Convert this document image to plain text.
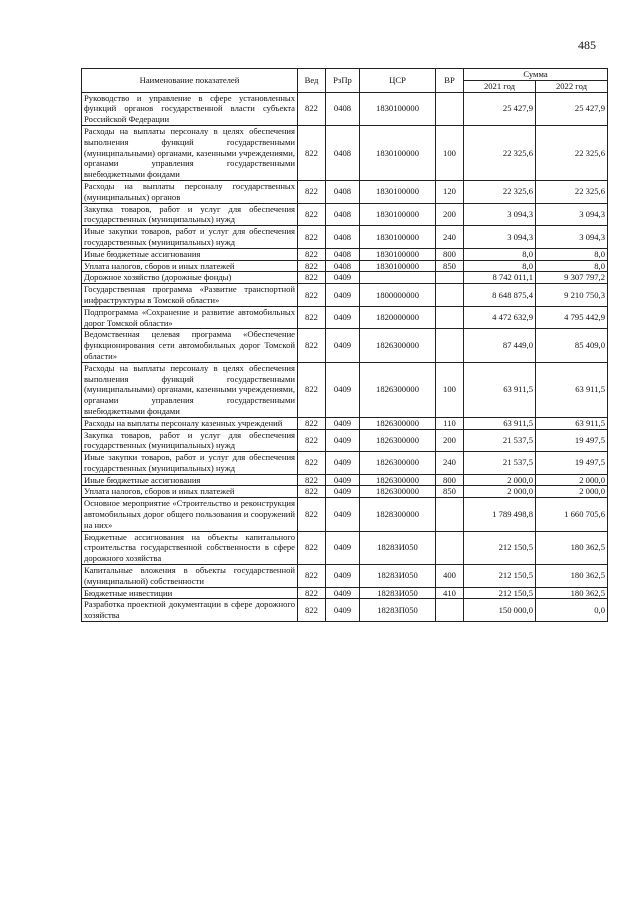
485
Наименование показателей	Вед	РзПр	ЦСР	ВР	Сумма	
					2021 год	2022 год
Руководство и управление в сфере установленных функций органов государственной власти субъекта Российской Федерации	822	0408	1830100000		25 427,9	25 427,9
Расходы на выплаты персоналу в целях обеспечения выполнения функций государственными (муниципальными) органами, казенными учреждениями, органами управления государственными внебюджетными фондами	822	0408	1830100000	100	22 325,6	22 325,6
Расходы на выплаты персоналу государственных (муниципальных) органов	822	0408	1830100000	120	22 325,6	22 325,6
Закупка товаров, работ и услуг для обеспечения государственных (муниципальных) нужд	822	0408	1830100000	200	3 094,3	3 094,3
Иные закупки товаров, работ и услуг для обеспечения государственных (муниципальных) нужд	822	0408	1830100000	240	3 094,3	3 094,3
Иные бюджетные ассигнования	822	0408	1830100000	800	8,0	8,0
Уплата налогов, сборов и иных платежей	822	0408	1830100000	850	8,0	8,0
Дорожное хозяйство (дорожные фонды)	822	0409			8 742 011,1	9 307 797,2
Государственная программа «Развитие транспортной инфраструктуры в Томской области»	822	0409	1800000000		8 648 875,4	9 210 750,3
Подпрограмма «Сохранение и развитие автомобильных дорог Томской области»	822	0409	1820000000		4 472 632,9	4 795 442,9
Ведомственная целевая программа «Обеспечение функционирования сети автомобильных дорог Томской области»	822	0409	1826300000		87 449,0	85 409,0
Расходы на выплаты персоналу в целях обеспечения выполнения функций государственными (муниципальными) органами, казенными учреждениями, органами управления государственными внебюджетными фондами	822	0409	1826300000	100	63 911,5	63 911,5
Расходы на выплаты персоналу казенных учреждений	822	0409	1826300000	110	63 911,5	63 911,5
Закупка товаров, работ и услуг для обеспечения государственных (муниципальных) нужд	822	0409	1826300000	200	21 537,5	19 497,5
Иные закупки товаров, работ и услуг для обеспечения государственных (муниципальных) нужд	822	0409	1826300000	240	21 537,5	19 497,5
Иные бюджетные ассигнования	822	0409	1826300000	800	2 000,0	2 000,0
Уплата налогов, сборов и иных платежей	822	0409	1826300000	850	2 000,0	2 000,0
Основное мероприятие «Строительство и реконструкция автомобильных дорог общего пользования и сооружений на них»	822	0409	1828300000		1 789 498,8	1 660 705,6
Бюджетные ассигнования на объекты капитального строительства государственной собственности в сфере дорожного хозяйства	822	0409	18283И050		212 150,5	180 362,5
Капитальные вложения в объекты государственной (муниципальной) собственности	822	0409	18283И050	400	212 150,5	180 362,5
Бюджетные инвестиции	822	0409	18283И050	410	212 150,5	180 362,5
Разработка проектной документации в сфере дорожного хозяйства	822	0409	18283П050		150 000,0	0,0
